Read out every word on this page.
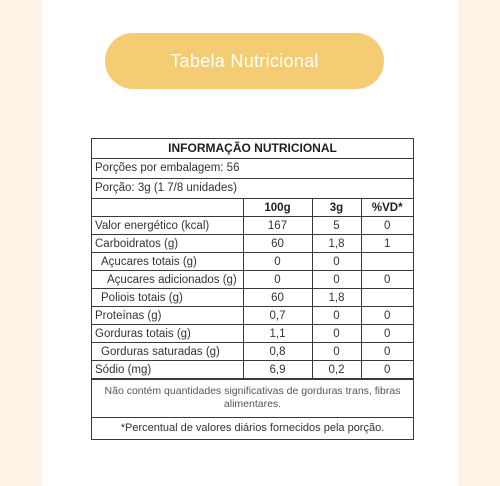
Tabela Nutricional
INFORMAÇÃO NUTRICIONAL
Porções por embalagem: 56
Porção: 3g (1 7/8 unidades)
	100g	3g	%VD*
Valor energético (kcal)	167	5	0
Carboidratos (g)	60	1,8	1
Açucares totais (g)	0	0	
Açucares adicionados (g)	0	0	0
Poliois totais (g)	60	1,8	
Proteínas (g)	0,7	0	0
Gorduras totais (g)	1,1	0	0
Gorduras saturadas (g)	0,8	0	0
Sódio (mg)	6,9	0,2	0
Não contém quantidades significativas de gorduras trans, fibras alimentares.
*Percentual de valores diários fornecidos pela porção.
